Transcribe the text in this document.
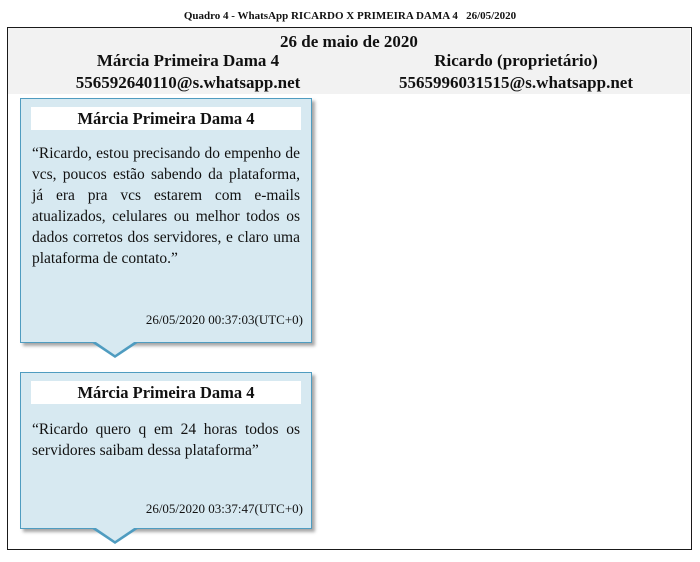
Quadro 4 - WhatsApp RICARDO X PRIMEIRA DAMA 4   26/05/2020
26 de maio de 2020
Márcia Primeira Dama 4
556592640110@s.whatsapp.net
Ricardo (proprietário)
5565996031515@s.whatsapp.net
Márcia Primeira Dama 4
“Ricardo, estou precisando do empenho de vcs, poucos estão sabendo da plataforma, já era pra vcs estarem com e-mails atualizados, celulares ou melhor todos os dados corretos dos servidores, e claro uma plataforma de contato.”
26/05/2020 00:37:03(UTC+0)
Márcia Primeira Dama 4
“Ricardo quero q em 24 horas todos os servidores saibam dessa plataforma”
26/05/2020 03:37:47(UTC+0)
